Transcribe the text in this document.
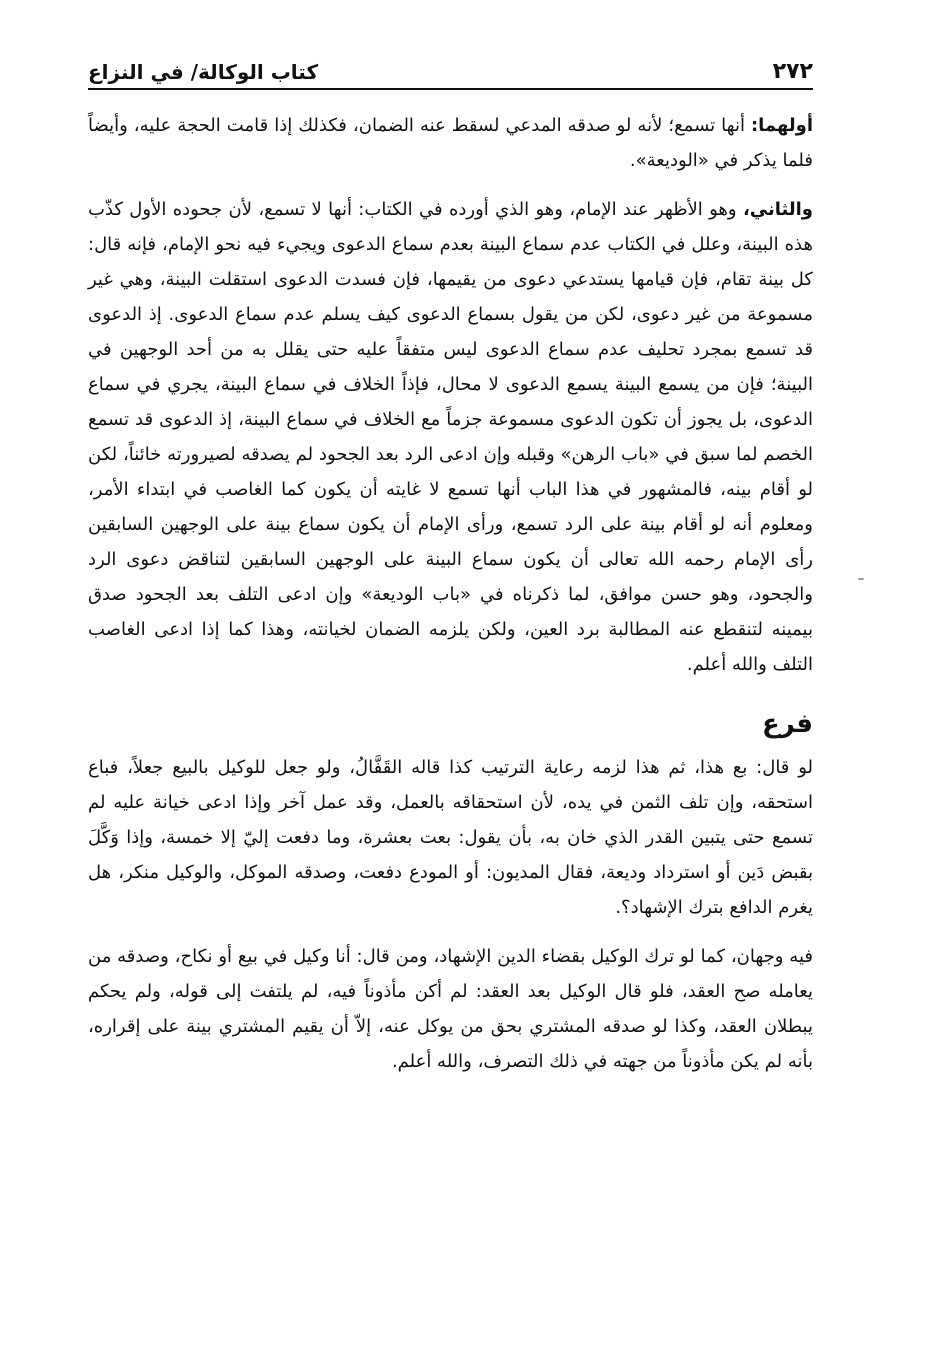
٢٧٢
كتاب الوكالة/ في النزاع

أولهما: أنها تسمع؛ لأنه لو صدقه المدعي لسقط عنه الضمان، فكذلك إذا قامت الحجة عليه، وأيضاً فلما يذكر في «الوديعة».

والثاني، وهو الأظهر عند الإمام، وهو الذي أورده في الكتاب: أنها لا تسمع، لأن جحوده الأول كذّب هذه البينة، وعلل في الكتاب عدم سماع البينة بعدم سماع الدعوى ويجيء فيه نحو الإمام، فإنه قال: كل بينة تقام، فإن قيامها يستدعي دعوى من يقيمها، فإن فسدت الدعوى استقلت البينة، وهي غير مسموعة من غير دعوى، لكن من يقول بسماع الدعوى كيف يسلم عدم سماع الدعوى. إذ الدعوى قد تسمع بمجرد تحليف عدم سماع الدعوى ليس متفقاً عليه حتى يقلل به من أحد الوجهين في البينة؛ فإن من يسمع البينة يسمع الدعوى لا محال، فإذاً الخلاف في سماع البينة، يجري في سماع الدعوى، بل يجوز أن تكون الدعوى مسموعة جزماً مع الخلاف في سماع البينة، إذ الدعوى قد تسمع الخصم لما سبق في «باب الرهن» وقبله وإن ادعى الرد بعد الجحود لم يصدقه لصيرورته خائناً، لكن لو أقام بينه، فالمشهور في هذا الباب أنها تسمع لا غايته أن يكون كما الغاصب في ابتداء الأمر، ومعلوم أنه لو أقام بينة على الرد تسمع، ورأى الإمام أن يكون سماع بينة على الوجهين السابقين رأى الإمام رحمه الله تعالى أن يكون سماع البينة على الوجهين السابقين لتناقض دعوى الرد والجحود، وهو حسن موافق، لما ذكرناه في «باب الوديعة» وإن ادعى التلف بعد الجحود صدق بيمينه لتنقطع عنه المطالبة برد العين، ولكن يلزمه الضمان لخيانته، وهذا كما إذا ادعى الغاصب التلف والله أعلم.

فرع

لو قال: بع هذا، ثم هذا لزمه رعاية الترتيب كذا قاله القَفَّالُ، ولو جعل للوكيل بالبيع جعلاً، فباع استحقه، وإن تلف الثمن في يده، لأن استحقاقه بالعمل، وقد عمل آخر وإذا ادعى خيانة عليه لم تسمع حتى يتبين القدر الذي خان به، بأن يقول: بعت بعشرة، وما دفعت إليّ إلا خمسة، وإذا وَكَّلَ بقبض دَين أو استرداد وديعة، فقال المديون: أو المودع دفعت، وصدقه الموكل، والوكيل منكر، هل يغرم الدافع بترك الإشهاد؟.

فيه وجهان، كما لو ترك الوكيل بقضاء الدين الإشهاد، ومن قال: أنا وكيل في بيع أو نكاح، وصدقه من يعامله صح العقد، فلو قال الوكيل بعد العقد: لم أكن مأذوناً فيه، لم يلتفت إلى قوله، ولم يحكم يبطلان العقد، وكذا لو صدقه المشتري بحق من يوكل عنه، إلاّ أن يقيم المشتري بينة على إقراره، بأنه لم يكن مأذوناً من جهته في ذلك التصرف، والله أعلم.
